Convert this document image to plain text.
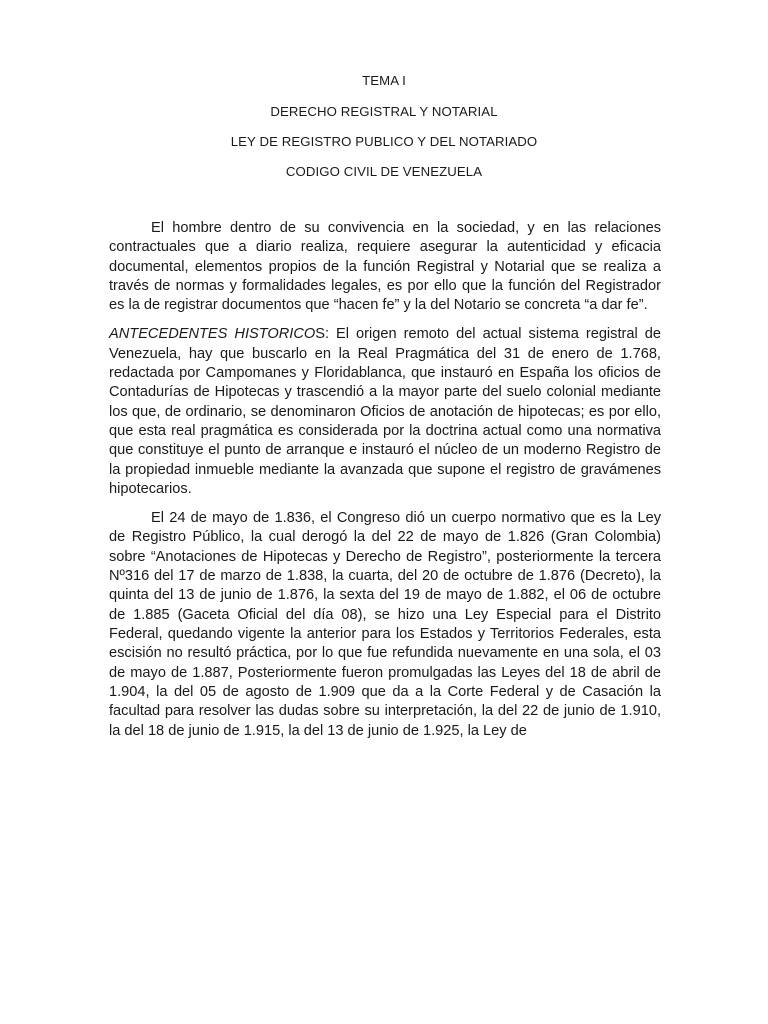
TEMA I
DERECHO REGISTRAL Y NOTARIAL
LEY DE REGISTRO PUBLICO Y DEL NOTARIADO
CODIGO CIVIL DE VENEZUELA

El hombre dentro de su convivencia en la sociedad, y en las relaciones contractuales que a diario realiza, requiere asegurar la autenticidad y eficacia documental, elementos propios de la función Registral y Notarial que se realiza a través de normas y formalidades legales, es por ello que la función del Registrador es la de registrar documentos que “hacen fe” y la del Notario se concreta “a dar fe”.

ANTECEDENTES HISTORICOS: El origen remoto del actual sistema registral de Venezuela, hay que buscarlo en la Real Pragmática del 31 de enero de 1.768, redactada por Campomanes y Floridablanca, que instauró en España los oficios de Contadurías de Hipotecas y trascendió a la mayor parte del suelo colonial mediante los que, de ordinario, se denominaron Oficios de anotación de hipotecas; es por ello, que esta real pragmática es considerada por la doctrina actual como una normativa que constituye el punto de arranque e instauró el núcleo de un moderno Registro de la propiedad inmueble mediante la avanzada que supone el registro de gravámenes hipotecarios.

El 24 de mayo de 1.836, el Congreso dió un cuerpo normativo que es la Ley de Registro Público, la cual derogó la del 22 de mayo de 1.826 (Gran Colombia) sobre “Anotaciones de Hipotecas y Derecho de Registro”, posteriormente la tercera Nº316 del 17 de marzo de 1.838, la cuarta, del 20 de octubre de 1.876 (Decreto), la quinta del 13 de junio de 1.876, la sexta del 19 de mayo de 1.882, el 06 de octubre de 1.885 (Gaceta Oficial del día 08), se hizo una Ley Especial para el Distrito Federal, quedando vigente la anterior para los Estados y Territorios Federales, esta escisión no resultó práctica, por lo que fue refundida nuevamente en una sola, el 03 de mayo de 1.887, Posteriormente fueron promulgadas las Leyes del 18 de abril de 1.904, la del 05 de agosto de 1.909 que da a la Corte Federal y de Casación la facultad para resolver las dudas sobre su interpretación, la del 22 de junio de 1.910, la del 18 de junio de 1.915, la del 13 de junio de 1.925, la Ley de
